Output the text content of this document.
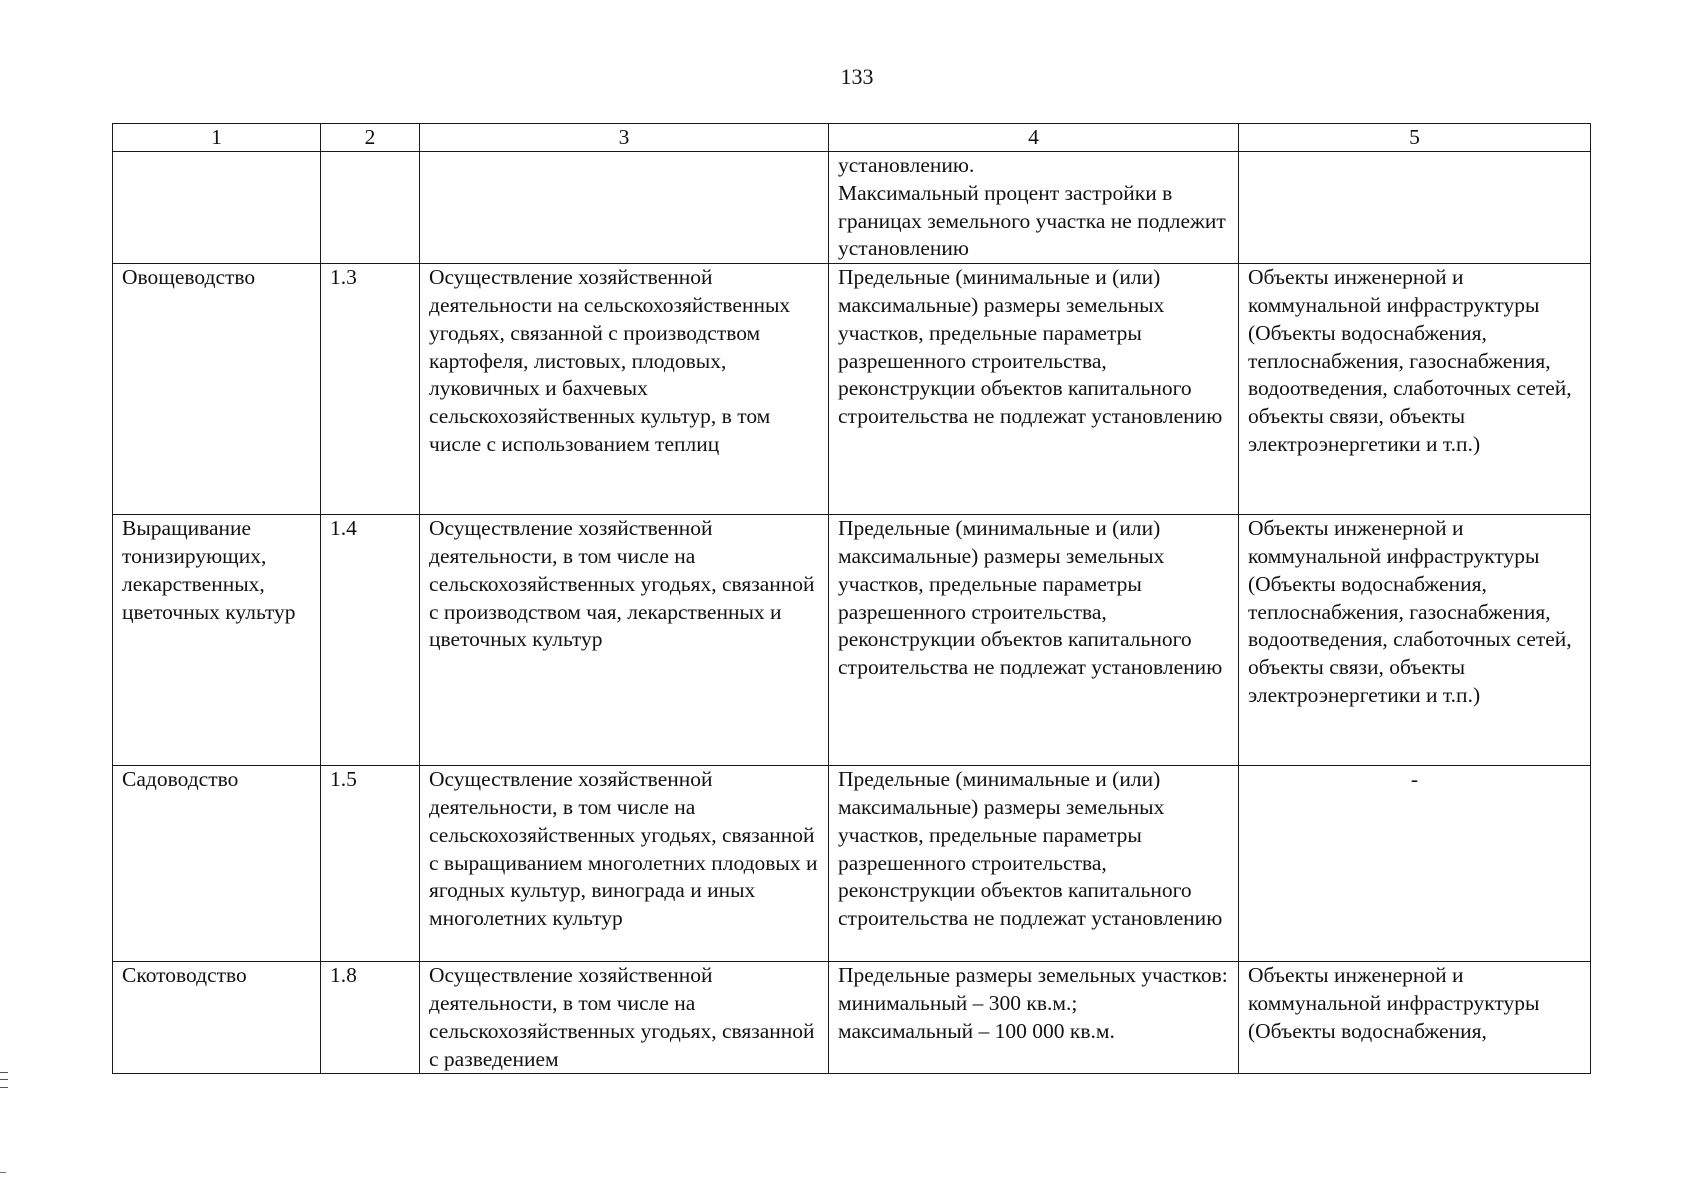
133
1	2	3	4	5
			установлению.
Максимальный процент застройки в границах земельного участка не подлежит установлению	
Овощеводство	1.3	Осуществление хозяйственной деятельности на сельскохозяйственных угодьях, связанной с производством картофеля, листовых, плодовых, луковичных и бахчевых сельскохозяйственных культур, в том числе с использованием теплиц	Предельные (минимальные и (или) максимальные) размеры земельных участков, предельные параметры разрешенного строительства, реконструкции объектов капитального строительства не подлежат установлению	Объекты инженерной и коммунальной инфраструктуры (Объекты водоснабжения, теплоснабжения, газоснабжения, водоотведения, слаботочных сетей, объекты связи, объекты электроэнергетики и т.п.)
Выращивание тонизирующих, лекарственных, цветочных культур	1.4	Осуществление хозяйственной деятельности, в том числе на сельскохозяйственных угодьях, связанной с производством чая, лекарственных и цветочных культур	Предельные (минимальные и (или) максимальные) размеры земельных участков, предельные параметры разрешенного строительства, реконструкции объектов капитального строительства не подлежат установлению	Объекты инженерной и коммунальной инфраструктуры (Объекты водоснабжения, теплоснабжения, газоснабжения, водоотведения, слаботочных сетей, объекты связи, объекты электроэнергетики и т.п.)
Садоводство	1.5	Осуществление хозяйственной деятельности, в том числе на сельскохозяйственных угодьях, связанной с выращиванием многолетних плодовых и ягодных культур, винограда и иных многолетних культур	Предельные (минимальные и (или) максимальные) размеры земельных участков, предельные параметры разрешенного строительства, реконструкции объектов капитального строительства не подлежат установлению	-
Скотоводство	1.8	Осуществление хозяйственной деятельности, в том числе на сельскохозяйственных угодьях, связанной с разведением	Предельные размеры земельных участков:
минимальный – 300 кв.м.;
максимальный – 100 000 кв.м.	Объекты инженерной и коммунальной инфраструктуры (Объекты водоснабжения,
